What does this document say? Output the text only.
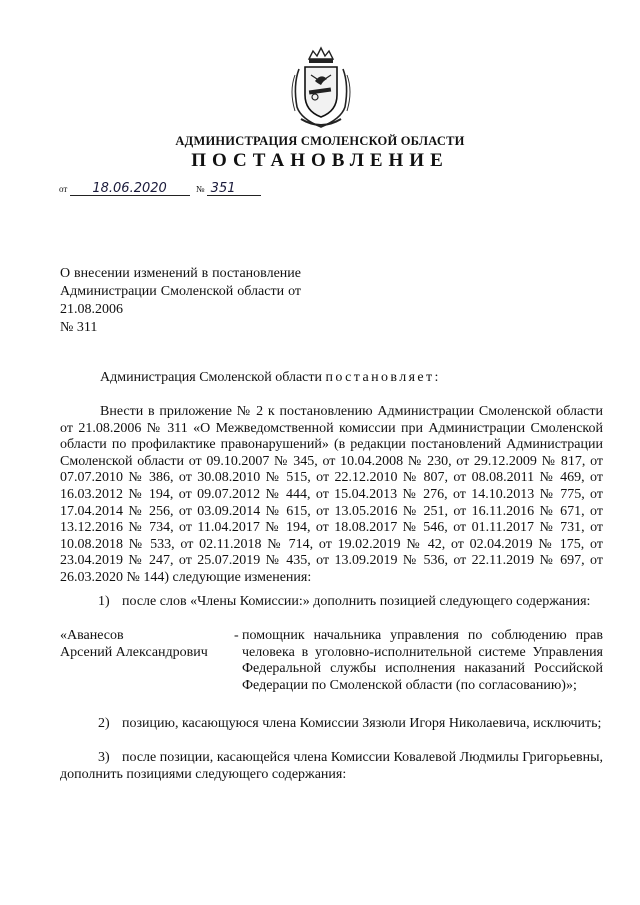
АДМИНИСТРАЦИЯ СМОЛЕНСКОЙ ОБЛАСТИ
ПОСТАНОВЛЕНИЕ
от 18.06.2020	№ 351
О внесении изменений в постановление Администрации Смоленской области от 21.08.2006
№ 311
Администрация Смоленской области постановляет:

Внести в приложение № 2 к постановлению Администрации Смоленской области от 21.08.2006 № 311 «О Межведомственной комиссии при Администрации Смоленской области по профилактике правонарушений» (в редакции постановлений Администрации Смоленской области от 09.10.2007 № 345, от 10.04.2008 № 230, от 29.12.2009 № 817, от 07.07.2010 № 386, от 30.08.2010 № 515, от 22.12.2010 № 807, от 08.08.2011 № 469, от 16.03.2012 № 194, от 09.07.2012 № 444, от 15.04.2013 № 276, от 14.10.2013 № 775, от 17.04.2014 № 256, от 03.09.2014 № 615, от 13.05.2016 № 251, от 16.11.2016 № 671, от 13.12.2016 № 734, от 11.04.2017 № 194, от 18.08.2017 № 546, от 01.11.2017 № 731, от 10.08.2018 № 533, от 02.11.2018 № 714, от 19.02.2019 № 42, от 02.04.2019 № 175, от 23.04.2019 № 247, от 25.07.2019 № 435, от 13.09.2019 № 536, от 22.11.2019 № 697, от 26.03.2020 № 144) следующие изменения:

1) после слов «Члены Комиссии:» дополнить позицией следующего содержания:
«Аванесов
Арсений Александрович
- помощник начальника управления по соблюдению прав человека в уголовно-исполнительной системе Управления Федеральной службы исполнения наказаний Российской Федерации по Смоленской области (по согласованию)»;
2) позицию, касающуюся члена Комиссии Зязюли Игоря Николаевича, исключить;
3) после позиции, касающейся члена Комиссии Ковалевой Людмилы Григорьевны, дополнить позициями следующего содержания:
